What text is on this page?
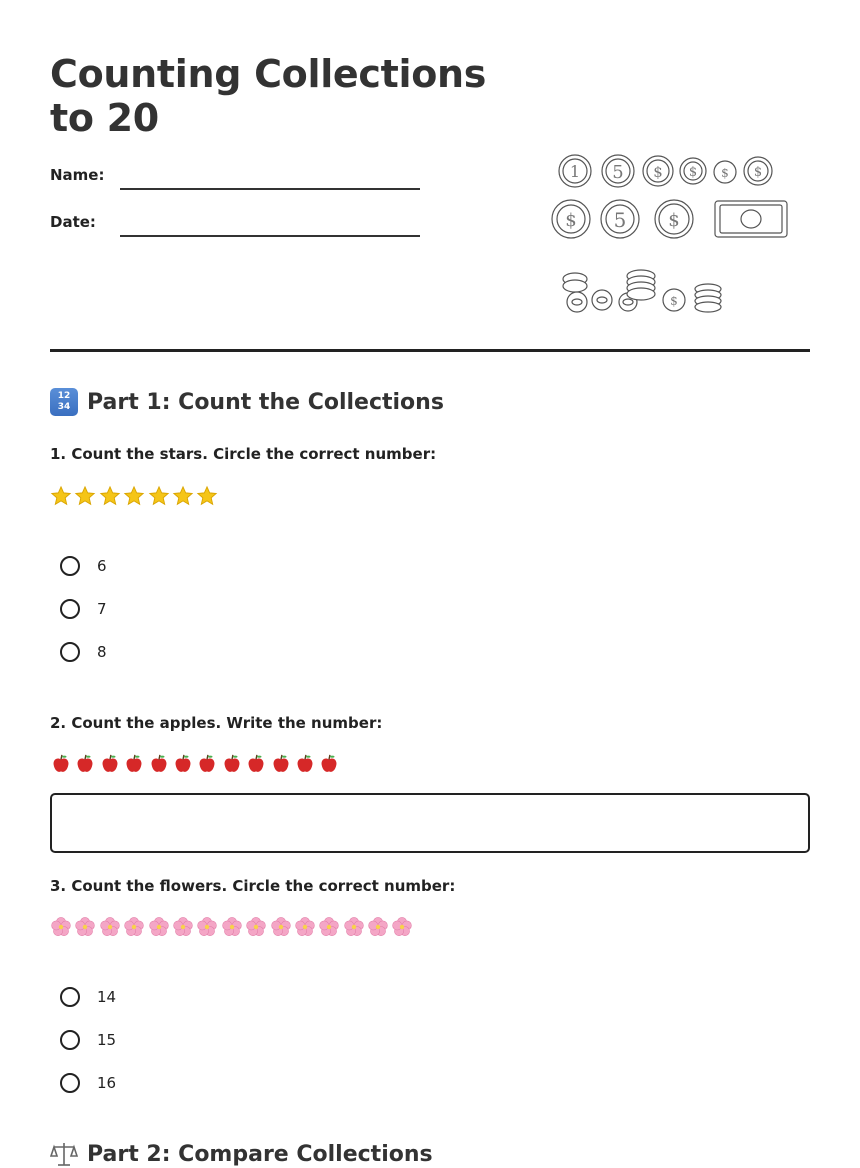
Counting Collections to 20
Name:
Date:
1 5 $ $ $ $
$ 5 $
$
12
34 Part 1: Count the Collections

1. Count the stars. Circle the correct number:

6
7
8

2. Count the apples. Write the number:

3. Count the flowers. Circle the correct number:

14
15
16
Part 2: Compare Collections
